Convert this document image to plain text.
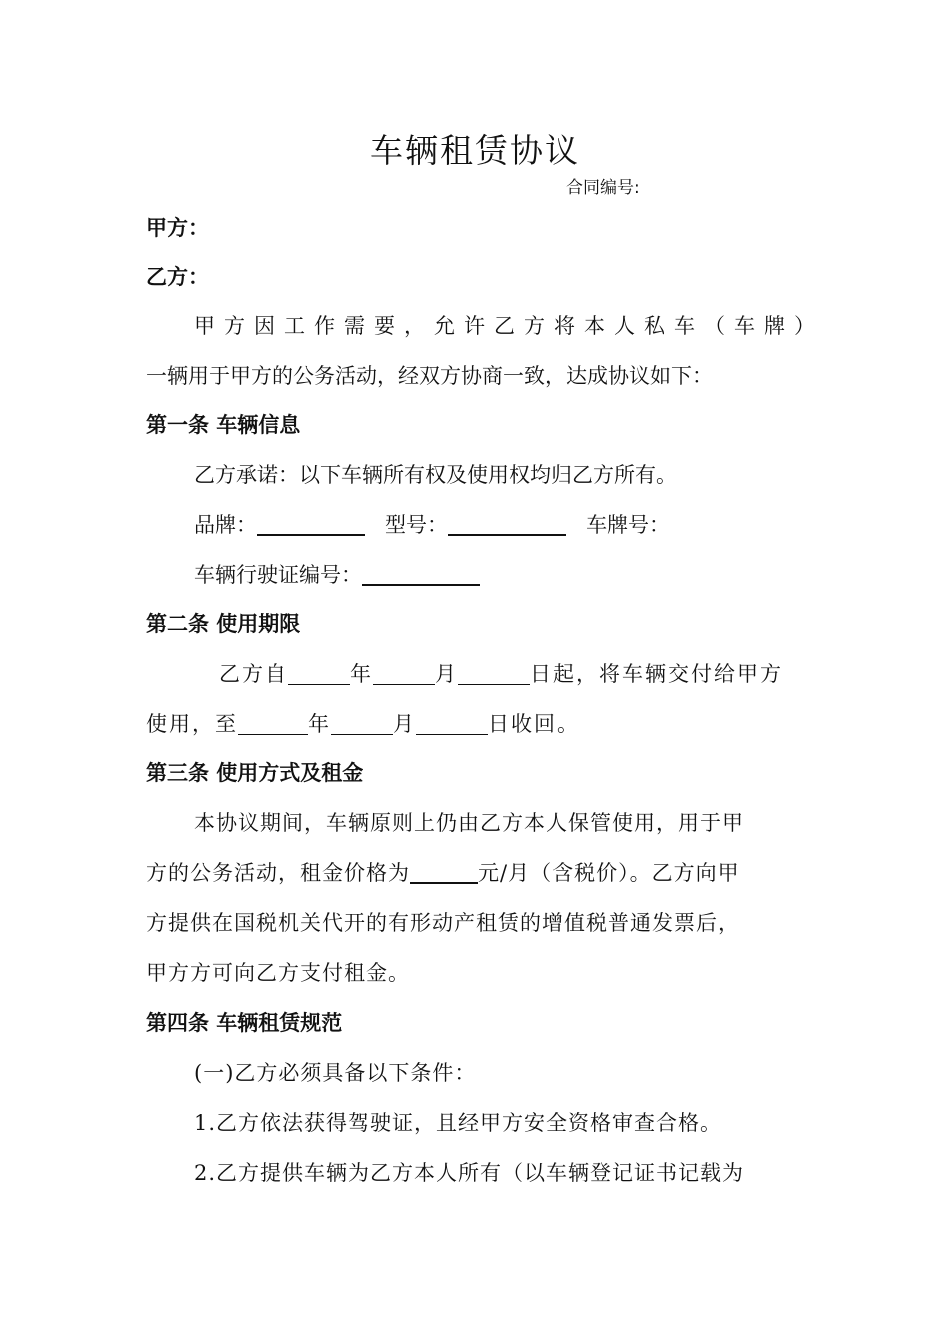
车辆租赁协议
合同编号:
甲方：
乙方：
甲方因工作需要，允许乙方将本人私车（车牌）
一辆用于甲方的公务活动，经双方协商一致，达成协议如下：
第一条 车辆信息
乙方承诺：以下车辆所有权及使用权均归乙方所有。
品牌：	型号：	车牌号：
车辆行驶证编号：
第二条 使用期限
乙方自	年	月	日起，将车辆交付给甲方
使用，至	年	月	日收回。
第三条 使用方式及租金
本协议期间，车辆原则上仍由乙方本人保管使用，用于甲
方的公务活动，租金价格为	元/月（含税价）。乙方向甲
方提供在国税机关代开的有形动产租赁的增值税普通发票后，
甲方方可向乙方支付租金。
第四条 车辆租赁规范
(一)乙方必须具备以下条件：
1.乙方依法获得驾驶证，且经甲方安全资格审查合格。
2.乙方提供车辆为乙方本人所有（以车辆登记证书记载为
